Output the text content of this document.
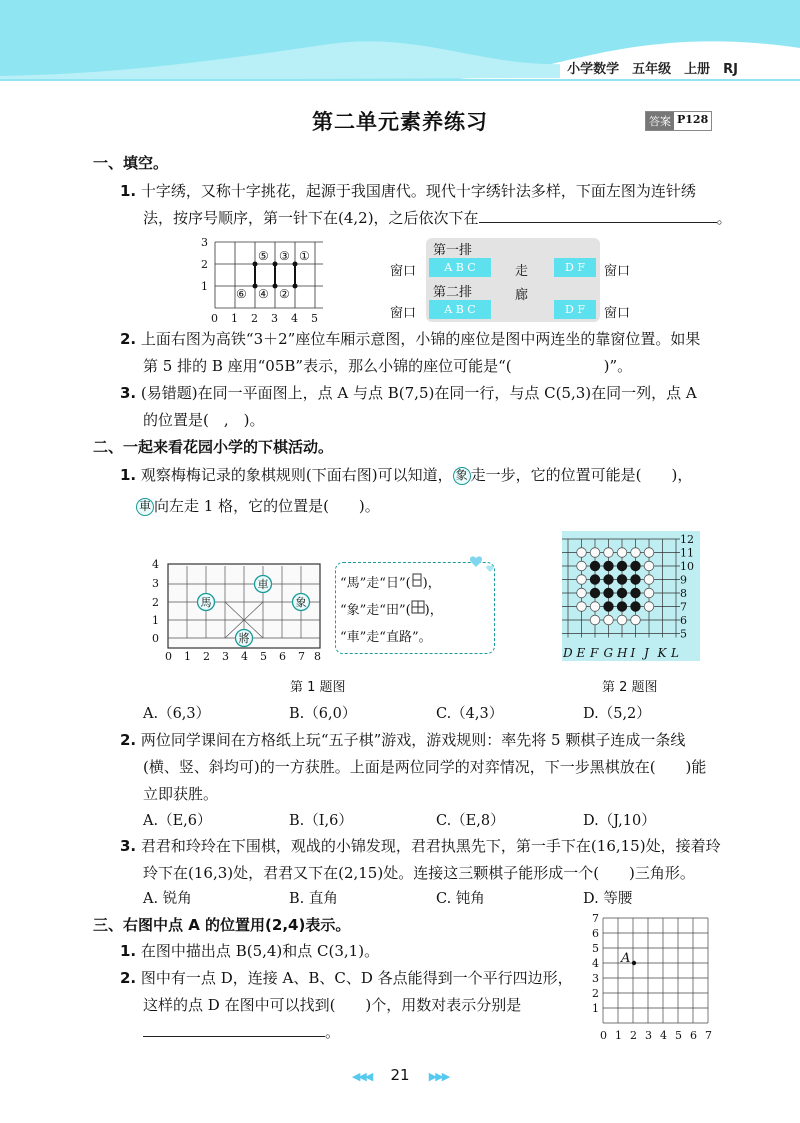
小学数学　五年级　上册　RJ
第二单元素养练习	答案 P128
一、填空。
1. 十字绣，又称十字挑花，起源于我国唐代。现代十字绣针法多样，下面左图为连针绣
法，按序号顺序，第一针下在(4,2)，之后依次下在	。
3
2
1
0 1 2 3 4 5
⑤ ③ ①
⑥ ④ ②
第一排
第二排
窗口
窗口
窗口
窗口
A B C
A B C
D F
D F
走
廊
2. 上面右图为高铁“3＋2”座位车厢示意图，小锦的座位是图中两连坐的靠窗位置。如果
第 5 排的 B 座用“05B”表示，那么小锦的座位可能是“(	)”。
3. (易错题)在同一平面图上，点 A 与点 B(7,5)在同一行，与点 C(5,3)在同一列，点 A
的位置是(　,　)。
二、一起来看花园小学的下棋活动。
1. 观察梅梅记录的象棋规则(下面右图)可以知道， 象 走一步，它的位置可能是(　　)，
車 向左走 1 格，它的位置是(　　)。
4
3
2
1
0
0 1 2 3 4 5 6 7 8
車
馬	象
將
“馬”走“日”( )，
“象”走“田”( )，
“車”走“直路”。
12
11
10
9
8
7
6
5
D E F G H I J K L
第 1 题图	第 2 题图
A.（6,3）	B.（6,0）	C.（4,3）	D.（5,2）
2. 两位同学课间在方格纸上玩“五子棋”游戏，游戏规则：率先将 5 颗棋子连成一条线
(横、竖、斜均可)的一方获胜。上面是两位同学的对弈情况，下一步黑棋放在(　　)能
立即获胜。
A.（E,6）	B.（I,6）	C.（E,8）	D.（J,10）
3. 君君和玲玲在下围棋，观战的小锦发现，君君执黑先下，第一手下在(16,15)处，接着玲
玲下在(16,3)处，君君又下在(2,15)处。连接这三颗棋子能形成一个(　　)三角形。
A. 锐角	B. 直角	C. 钝角	D. 等腰
三、右图中点 A 的位置用(2,4)表示。
1. 在图中描出点 B(5,4)和点 C(3,1)。
2. 图中有一点 D，连接 A、B、C、D 各点能得到一个平行四边形，
这样的点 D 在图中可以找到(　　)个，用数对表示分别是
。
7
6
5
4
3
2
1
0 1 2 3 4 5 6 7
A
◀◀◀ 21 ▶▶▶
